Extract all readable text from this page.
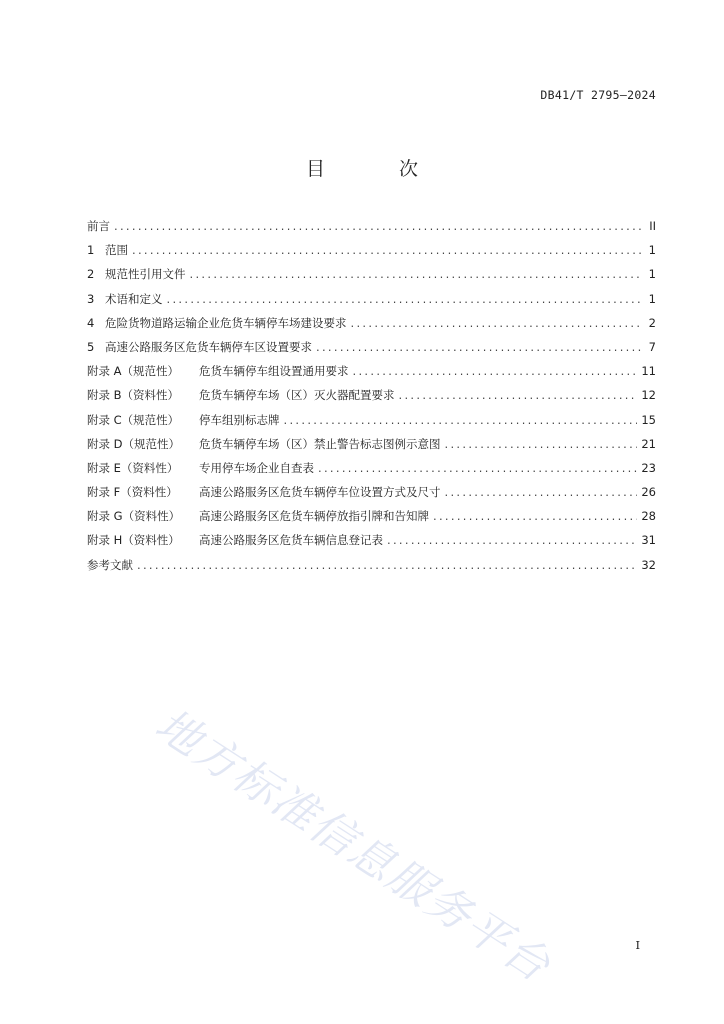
DB41/T 2795—2024
目 次
前言 .....	II
1 范围 .....	1
2 规范性引用文件 .....	1
3 术语和定义 .....	1
4 危险货物道路运输企业危货车辆停车场建设要求 .....	2
5 高速公路服务区危货车辆停车区设置要求 .....	7
附录 A（规范性）	危货车辆停车组设置通用要求 .....	11
附录 B（资料性）	危货车辆停车场（区）灭火器配置要求 .....	12
附录 C（规范性）	停车组别标志牌 .....	15
附录 D（规范性）	危货车辆停车场（区）禁止警告标志图例示意图 .....	21
附录 E（资料性）	专用停车场企业自查表 .....	23
附录 F（资料性）	高速公路服务区危货车辆停车位设置方式及尺寸 .....	26
附录 G（资料性）	高速公路服务区危货车辆停放指引牌和告知牌 .....	28
附录 H（资料性）	高速公路服务区危货车辆信息登记表 .....	31
参考文献 .....	32
地方标准信息服务平台	I
